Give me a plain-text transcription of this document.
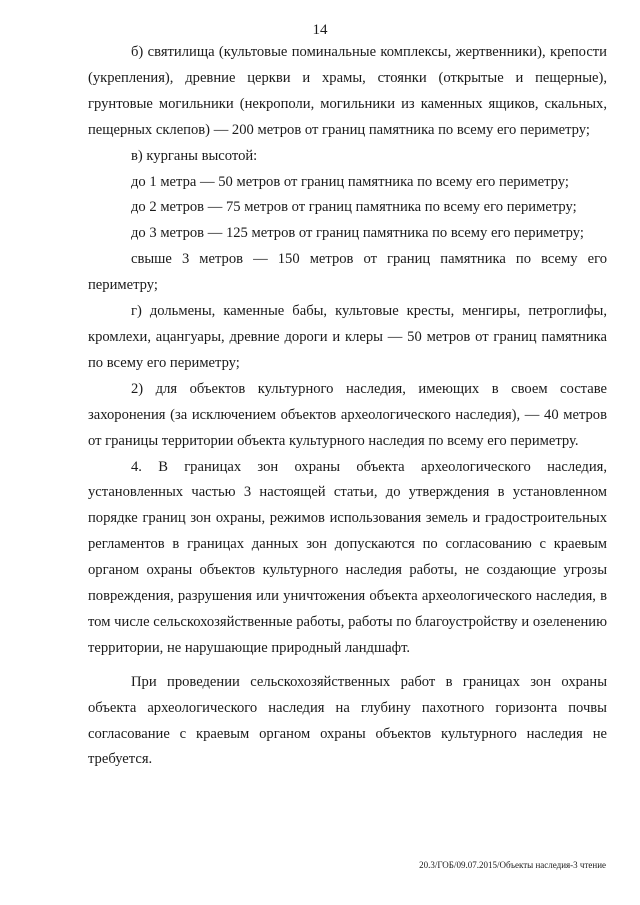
14

б) святилища (культовые поминальные комплексы, жертвенники), крепости (укрепления), древние церкви и храмы, стоянки (открытые и пещерные), грунтовые могильники (некрополи, могильники из каменных ящиков, скальных, пещерных склепов) — 200 метров от границ памятника по всему его периметру;

в) курганы высотой:

до 1 метра — 50 метров от границ памятника по всему его периметру;

до 2 метров — 75 метров от границ памятника по всему его периметру;

до 3 метров — 125 метров от границ памятника по всему его периметру;

свыше 3 метров — 150 метров от границ памятника по всему его периметру;

г) дольмены, каменные бабы, культовые кресты, менгиры, петроглифы, кромлехи, ацангуары, древние дороги и клеры — 50 метров от границ памятника по всему его периметру;

2) для объектов культурного наследия, имеющих в своем составе захоронения (за исключением объектов археологического наследия), — 40 метров от границы территории объекта культурного наследия по всему его периметру.

4. В границах зон охраны объекта археологического наследия, установленных частью 3 настоящей статьи, до утверждения в установленном порядке границ зон охраны, режимов использования земель и градостроительных регламентов в границах данных зон допускаются по согласованию с краевым органом охраны объектов культурного наследия работы, не создающие угрозы повреждения, разрушения или уничтожения объекта археологического наследия, в том числе сельскохозяйственные работы, работы по благоустройству и озеленению территории, не нарушающие природный ландшафт.

При проведении сельскохозяйственных работ в границах зон охраны объекта археологического наследия на глубину пахотного горизонта почвы согласование с краевым органом охраны объектов культурного наследия не требуется.

20.3/ГОБ/09.07.2015/Объекты наследия-3 чтение
